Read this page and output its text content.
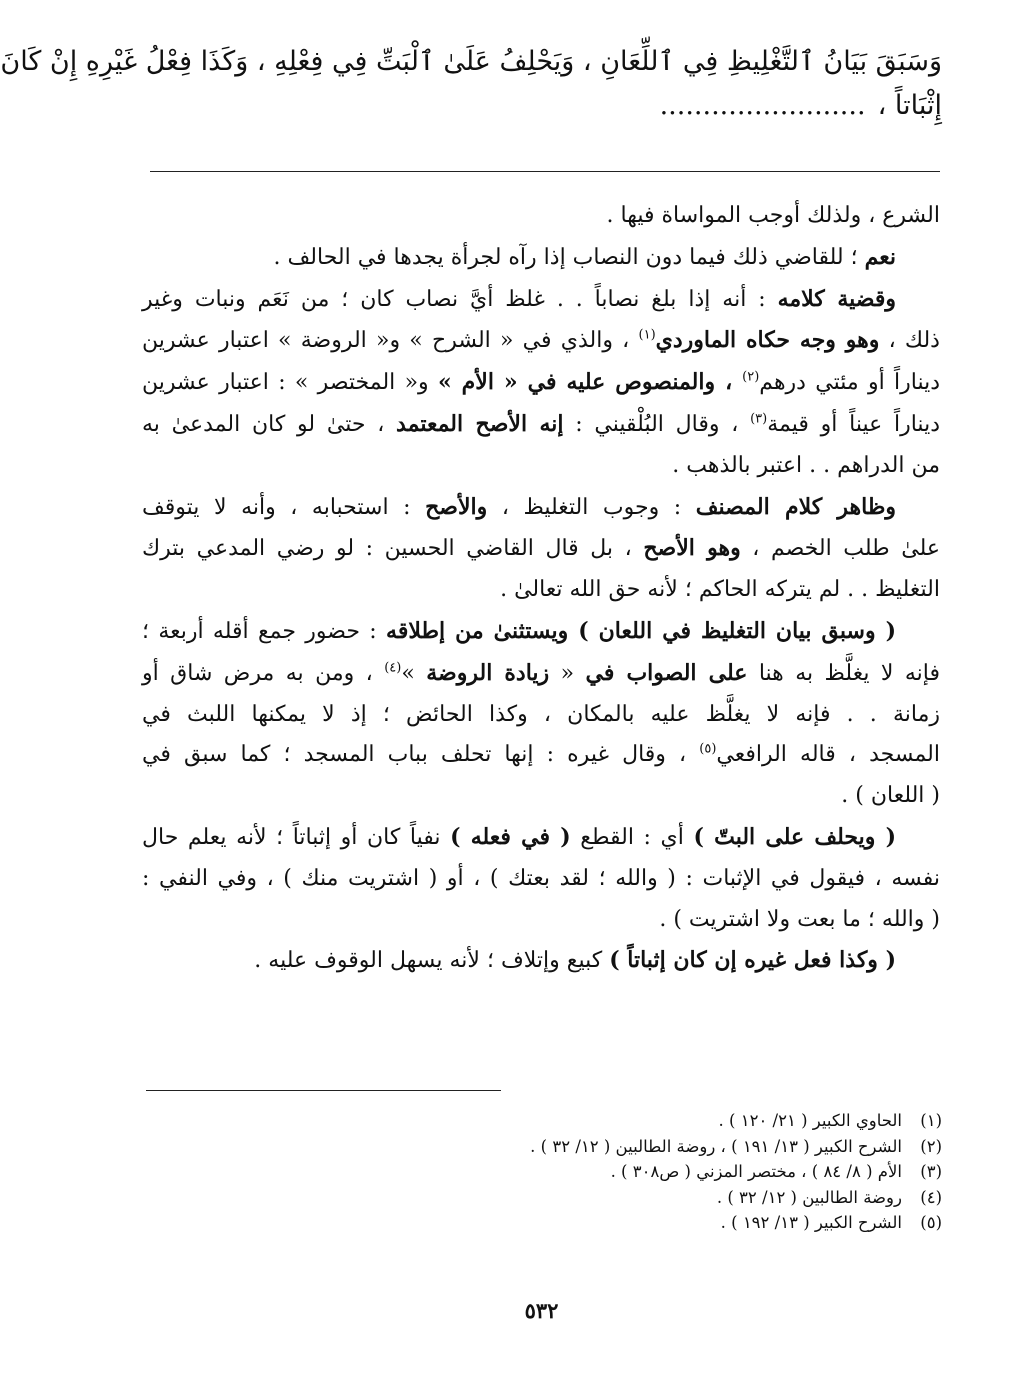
وَسَبَقَ بَيَانُ ٱلتَّغْلِيظِ فِي ٱللِّعَانِ ، وَيَحْلِفُ عَلَىٰ ٱلْبَتِّ فِي فِعْلِهِ ، وَكَذَا فِعْلُ غَيْرِهِ إِنْ كَانَ
إِثْبَاتاً ،........................
الشرع ، ولذلك أوجب المواساة فيها .
  نعم ؛ للقاضي ذلك فيما دون النصاب إذا رآه لجرأة يجدها في الحالف .
  وقضية كلامه : أنه إذا بلغ نصاباً . . غلظ أيَّ نصاب كان ؛ من نَعَم ونبات وغير
ذلك ، وهو وجه حكاه الماوردي$^{(١)}$ ، والذي في « الشرح » و« الروضة » اعتبار عشرين
ديناراً أو مئتي درهم$^{(٢)}$ ، والمنصوص عليه في « الأم » و« المختصر » : اعتبار عشرين
ديناراً عيناً أو قيمة$^{(٣)}$ ، وقال البُلْقيني : إنه الأصح المعتمد ، حتىٰ لو كان المدعىٰ به
من الدراهم . . اعتبر بالذهب .
  وظاهر كلام المصنف : وجوب التغليظ ، والأصح : استحبابه ، وأنه لا يتوقف
علىٰ طلب الخصم ، وهو الأصح ، بل قال القاضي الحسين : لو رضي المدعي بترك
التغليظ . . لم يتركه الحاكم ؛ لأنه حق الله تعالىٰ .
  ( وسبق بيان التغليظ في اللعان ) ويستثنىٰ من إطلاقه : حضور جمع أقله أربعة ؛
فإنه لا يغلَّظ به هنا على الصواب في « زيادة الروضة »$^{(٤)}$ ، ومن به مرض شاق أو
زمانة . . فإنه لا يغلَّظ عليه بالمكان ، وكذا الحائض ؛ إذ لا يمكنها اللبث في
المسجد ، قاله الرافعي$^{(٥)}$ ، وقال غيره : إنها تحلف بباب المسجد ؛ كما سبق في
( اللعان ) .
  ( ويحلف على البتّ ) أي : القطع ( في فعله ) نفياً كان أو إثباتاً ؛ لأنه يعلم حال
نفسه ، فيقول في الإثبات : ( والله ؛ لقد بعتك ) ، أو ( اشتريت منك ) ، وفي النفي :
( والله ؛ ما بعت ولا اشتريت ) .
  ( وكذا فعل غيره إن كان إثباتاً ) كبيع وإتلاف ؛ لأنه يسهل الوقوف عليه .
(١)
الحاوي الكبير ( ٢١/ ١٢٠ ) .
(٢)
الشرح الكبير ( ١٣/ ١٩١ ) ، روضة الطالبين ( ١٢/ ٣٢ ) .
(٣)
الأم ( ٨/ ٨٤ ) ، مختصر المزني ( ص٣٠٨ ) .
(٤)
روضة الطالبين ( ١٢/ ٣٢ ) .
(٥)
الشرح الكبير ( ١٣/ ١٩٢ ) .
٥٣٢
